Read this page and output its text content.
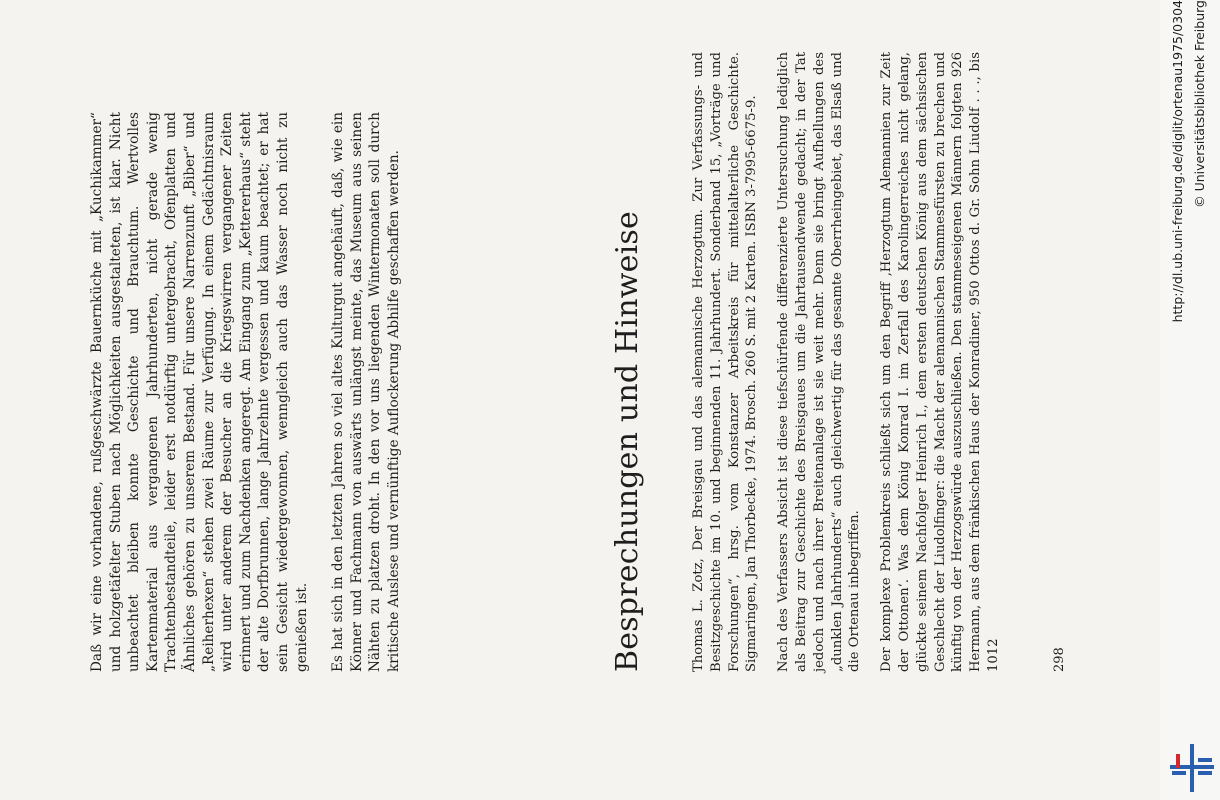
Daß wir eine vorhandene, rußgeschwärzte Bauernküche mit „Kuchikammer“ und holzgetäfelter Stuben nach Möglichkeiten ausgestalteten, ist klar. Nicht unbeachtet bleiben konnte Geschichte und Brauchtum. Wertvolles Kartenmaterial aus vergangenen Jahrhunderten, nicht gerade wenig Trachtenbestandteile, leider erst notdürftig untergebracht, Ofenplatten und Ähnliches gehören zu unserem Bestand. Für unsere Narrenzunft „Biber“ und „Reiherhexen“ stehen zwei Räume zur Verfügung. In einem Gedächtnisraum wird unter anderem der Besucher an die Kriegswirren vergangener Zeiten erinnert und zum Nachdenken angeregt. Am Eingang zum „Kettererhaus“ steht der alte Dorfbrunnen, lange Jahrzehnte vergessen und kaum beachtet; er hat sein Gesicht wiedergewonnen, wenngleich auch das Wasser noch nicht zu genießen ist. Es hat sich in den letzten Jahren so viel altes Kulturgut angehäuft, daß, wie ein Könner und Fachmann von auswärts unlängst meinte, das Museum aus seinen Nähten zu platzen droht. In den vor uns liegenden Wintermonaten soll durch kritische Auslese und vernünftige Auflockerung Abhilfe geschaffen werden.	Besprechungen und Hinweise	Thomas L. Zotz, Der Breisgau und das alemannische Herzogtum. Zur Verfassungs- und Besitzgeschichte im 10. und beginnenden 11. Jahrhundert. Sonderband 15, „Vorträge und Forschungen“, hrsg. vom Konstanzer Arbeitskreis für mittelalterliche Geschichte. Sigmaringen, Jan Thorbecke, 1974. Brosch. 260 S. mit 2 Karten. ISBN 3-7995-6675-9. Nach des Verfassers Absicht ist diese tiefschürfende differenzierte Untersuchung lediglich als Beitrag zur Geschichte des Breisgaues um die Jahrtausendwende gedacht; in der Tat jedoch und nach ihrer Breitenanlage ist sie weit mehr. Denn sie bringt Aufhellungen des „dunklen Jahrhunderts“ auch gleichwertig für das gesamte Oberrheingebiet, das Elsaß und die Ortenau inbegriffen. Der komplexe Problemkreis schließt sich um den Begriff ‚Herzogtum Alemannien zur Zeit der Ottonen‘. Was dem König Konrad I. im Zerfall des Karolingerreiches nicht gelang, glückte seinem Nachfolger Heinrich I., dem ersten deutschen König aus dem sächsischen Geschlecht der Liudolfinger: die Macht der alemannischen Stammesfürsten zu brechen und künftig von der Herzogswürde auszuschließen. Den stammeseigenen Männern folgten 926 Hermann, aus dem fränkischen Haus der Konradiner, 950 Ottos d. Gr. Sohn Liudolf . . ., bis 1012	298
http://dl.ub.uni-freiburg.de/diglit/ortenau1975/0304 © Universitätsbibliothek Freiburg
